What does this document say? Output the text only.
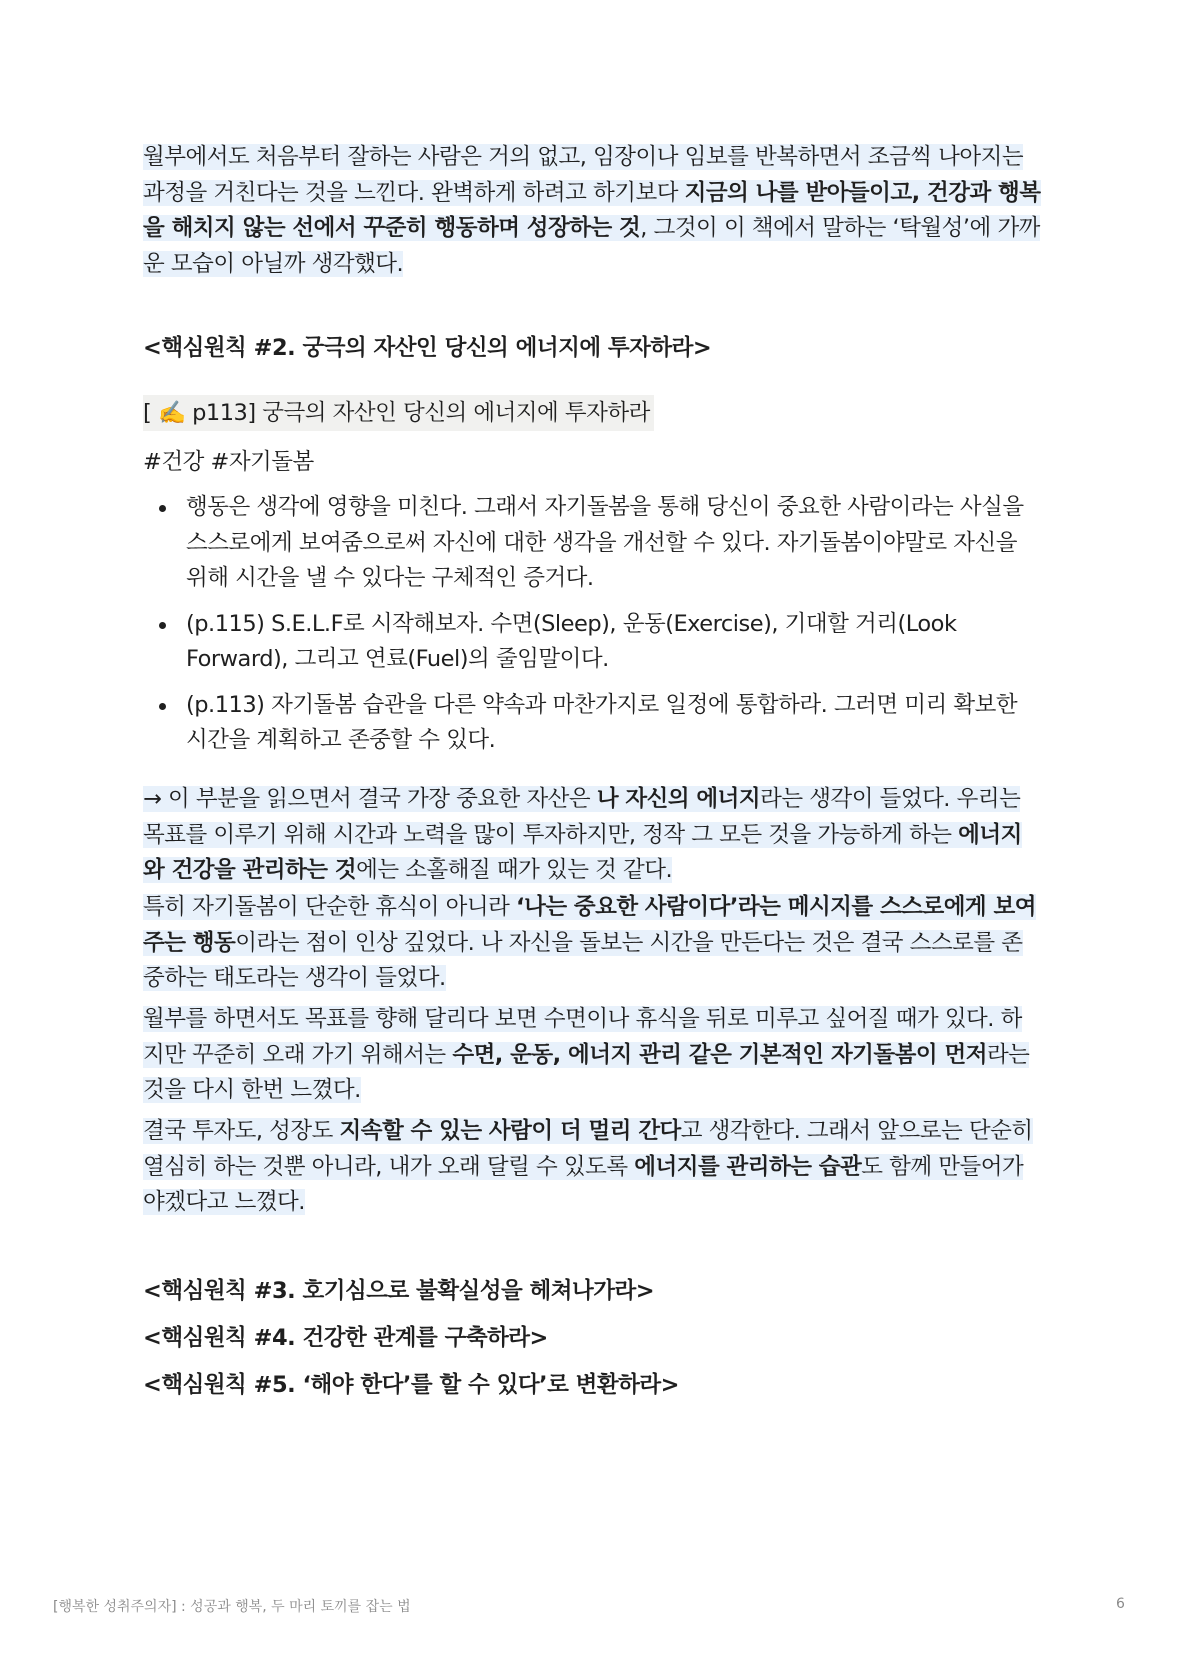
월부에서도 처음부터 잘하는 사람은 거의 없고, 임장이나 임보를 반복하면서 조금씩 나아지는 과정을 거친다는 것을 느낀다. 완벽하게 하려고 하기보다 지금의 나를 받아들이고, 건강과 행복을 해치지 않는 선에서 꾸준히 행동하며 성장하는 것, 그것이 이 책에서 말하는 ‘탁월성’에 가까운 모습이 아닐까 생각했다.

<핵심원칙 #2. 궁극의 자산인 당신의 에너지에 투자하라>

[ ✍️ p113] 궁극의 자산인 당신의 에너지에 투자하라
#건강 #자기돌봄
행동은 생각에 영향을 미친다. 그래서 자기돌봄을 통해 당신이 중요한 사람이라는 사실을 스스로에게 보여줌으로써 자신에 대한 생각을 개선할 수 있다. 자기돌봄이야말로 자신을 위해 시간을 낼 수 있다는 구체적인 증거다.
(p.115) S.E.L.F로 시작해보자. 수면(Sleep), 운동(Exercise), 기대할 거리(Look Forward), 그리고 연료(Fuel)의 줄임말이다.
(p.113) 자기돌봄 습관을 다른 약속과 마찬가지로 일정에 통합하라. 그러면 미리 확보한 시간을 계획하고 존중할 수 있다.

→ 이 부분을 읽으면서 결국 가장 중요한 자산은 나 자신의 에너지라는 생각이 들었다. 우리는 목표를 이루기 위해 시간과 노력을 많이 투자하지만, 정작 그 모든 것을 가능하게 하는 에너지와 건강을 관리하는 것에는 소홀해질 때가 있는 것 같다.

특히 자기돌봄이 단순한 휴식이 아니라 ‘나는 중요한 사람이다’라는 메시지를 스스로에게 보여주는 행동이라는 점이 인상 깊었다. 나 자신을 돌보는 시간을 만든다는 것은 결국 스스로를 존중하는 태도라는 생각이 들었다.

월부를 하면서도 목표를 향해 달리다 보면 수면이나 휴식을 뒤로 미루고 싶어질 때가 있다. 하지만 꾸준히 오래 가기 위해서는 수면, 운동, 에너지 관리 같은 기본적인 자기돌봄이 먼저라는 것을 다시 한번 느꼈다.

결국 투자도, 성장도 지속할 수 있는 사람이 더 멀리 간다고 생각한다. 그래서 앞으로는 단순히 열심히 하는 것뿐 아니라, 내가 오래 달릴 수 있도록 에너지를 관리하는 습관도 함께 만들어가야겠다고 느꼈다.

<핵심원칙 #3. 호기심으로 불확실성을 헤쳐나가라>

<핵심원칙 #4. 건강한 관계를 구축하라>

<핵심원칙 #5. ‘해야 한다’를 할 수 있다’로 변환하라>

[행복한 성취주의자] : 성공과 행복, 두 마리 토끼를 잡는 법	6
